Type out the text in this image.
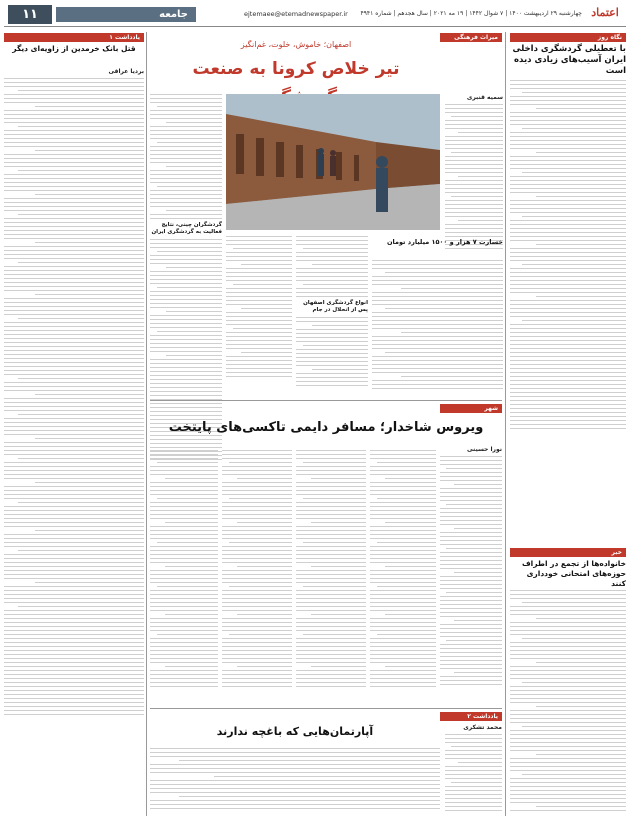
اعتماد
چهارشنبه ۲۹ اردیبهشت ۱۴۰۰ | ۷ شوال ۱۴۴۲ | ۱۹ مه ۲۰۲۱ | سال هجدهم | شماره ۴۹۴۱
ejtemaee@etemadnewspaper.ir
جامعه
۱۱
نگاه روز
با تعطیلی گردشگری داخلی ایران آسیب‌های زیادی دیده است
خبر
خانواده‌ها از تجمع در اطراف حوزه‌های امتحانی خودداری کنند
میراث فرهنگی
اصفهان؛ خاموش، خلوت، غم‌انگیز
تیر خلاص کرونا به صنعت
سمیه قنبری
خسارت ۷ هزار و ۱۵۰۰ میلیارد تومان
انواع گردشگری اصفهان پس از انحلال در جام
گردشگران چینی، نتایج فعالیت به گردشگری ایران
شهر
ویروس شاخدار؛ مسافر دایمی تاکسی‌های پایتخت
نورا حسینی
یادداشت ۲
آپارتمان‌هایی که باغچه ندارند	محمد تشکری
یادداشت ۱
قتل بانک خرمدین از زاویه‌ای دیگر
بردیا عراقی
